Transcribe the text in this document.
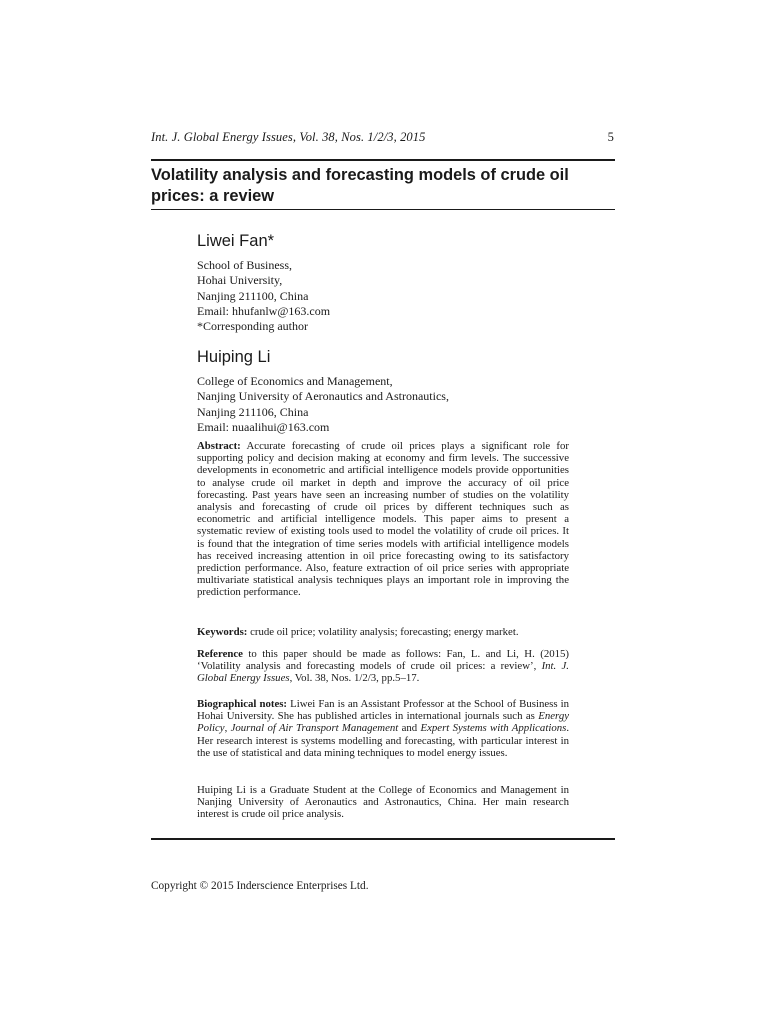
Int. J. Global Energy Issues, Vol. 38, Nos. 1/2/3, 2015	5
Volatility analysis and forecasting models of crude oil prices: a review
Liwei Fan*
School of Business,
Hohai University,
Nanjing 211100, China
Email: hhufanlw@163.com
*Corresponding author
Huiping Li
College of Economics and Management,
Nanjing University of Aeronautics and Astronautics,
Nanjing 211106, China
Email: nuaalihui@163.com
Abstract: Accurate forecasting of crude oil prices plays a significant role for supporting policy and decision making at economy and firm levels. The successive developments in econometric and artificial intelligence models provide opportunities to analyse crude oil market in depth and improve the accuracy of oil price forecasting. Past years have seen an increasing number of studies on the volatility analysis and forecasting of crude oil prices by different techniques such as econometric and artificial intelligence models. This paper aims to present a systematic review of existing tools used to model the volatility of crude oil prices. It is found that the integration of time series models with artificial intelligence models has received increasing attention in oil price forecasting owing to its satisfactory prediction performance. Also, feature extraction of oil price series with appropriate multivariate statistical analysis techniques plays an important role in improving the prediction performance.
Keywords: crude oil price; volatility analysis; forecasting; energy market.
Reference to this paper should be made as follows: Fan, L. and Li, H. (2015) ‘Volatility analysis and forecasting models of crude oil prices: a review’, Int. J. Global Energy Issues, Vol. 38, Nos. 1/2/3, pp.5–17.
Biographical notes: Liwei Fan is an Assistant Professor at the School of Business in Hohai University. She has published articles in international journals such as Energy Policy, Journal of Air Transport Management and Expert Systems with Applications. Her research interest is systems modelling and forecasting, with particular interest in the use of statistical and data mining techniques to model energy issues.
Huiping Li is a Graduate Student at the College of Economics and Management in Nanjing University of Aeronautics and Astronautics, China. Her main research interest is crude oil price analysis.
Copyright © 2015 Inderscience Enterprises Ltd.
